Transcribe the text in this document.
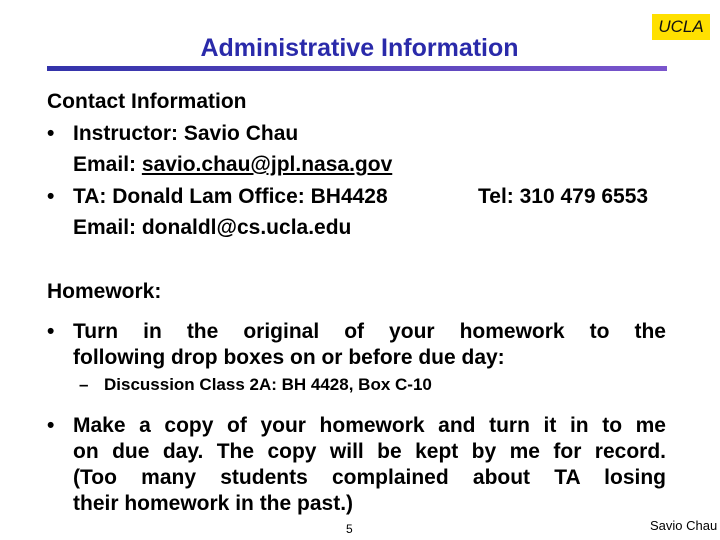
UCLA
Administrative Information
Contact Information
• Instructor: Savio Chau
Email: savio.chau@jpl.nasa.gov
• TA: Donald Lam Office: BH4428	Tel: 310 479 6553
Email: donaldl@cs.ucla.edu
Homework:
• Turn in the original of your homework to the
following drop boxes on or before due day:
– Discussion Class 2A: BH 4428, Box C-10
• Make a copy of your homework and turn it in to me
on due day. The copy will be kept by me for record.
(Too many students complained about TA losing
their homework in the past.)
5	Savio Chau
